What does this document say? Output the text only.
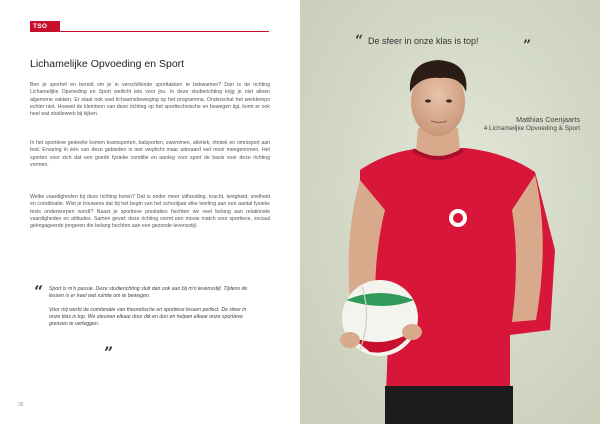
TSO
Lichamelijke Opvoeding en Sport

Ben je sportief en bereid om je in verschillende sporttakken te bekwamen? Dan is de richting Lichamelijke Opvoeding en Sport wellicht iets voor jou. In deze studierichting krijg je niet alleen algemene vakken. Er staat ook veel lichaamsbeweging op het programma. Onderschat het werktempo echter niet. Hoewel de klemtoon van deze richting op het sporttechnische en bewegen ligt, komt er ook heel wat studiewerk bij kijken.

In het sportieve gedeelte komen teamsporten, balsporten, zwemmen, atletiek, ritmiek en omnisport aan bod. Ervaring in één van deze gebieden is niet verplicht maar uiteraard wel mooi meegenomen. Het sporten voor zich dat een goede fysieke conditie en aanleg voor sport de basis voor deze richting vormen.

Welke vaardigheden bij deze richting horen? Dat is onder meer uithouding, kracht, lenigheid, snelheid en coördinatie. Wist je trouwens dat bij het begin van het schooljaar elke leerling aan een aantal fysieke tests onderworpen wordt? Naast je sportieve prestaties hechten we veel belang aan relationele vaardigheden en attitudes. Samen gevat: deze richting vormt een mooie match voor sportieve, sociaal geëngageerde jongeren die belang hechten aan een gezonde levensstijl.

“ Sport is m'n passie. Deze studierichting sluit dan ook aan bij m'n levensstijl. Tijdens de lessen is er heel wat ruimte om te bewegen.

Voor mij werkt de combinatie van theoretische en sportieve lessen perfect. De sfeer in onze klas is top. We steunen elkaar door dik en dun en helpen elkaar onze sportieve grenzen te verleggen.

”
36
“ De sfeer in onze klas is top!	”
Matthias Coenjaarts
4 Lichamelijke Opvoeding & Sport
